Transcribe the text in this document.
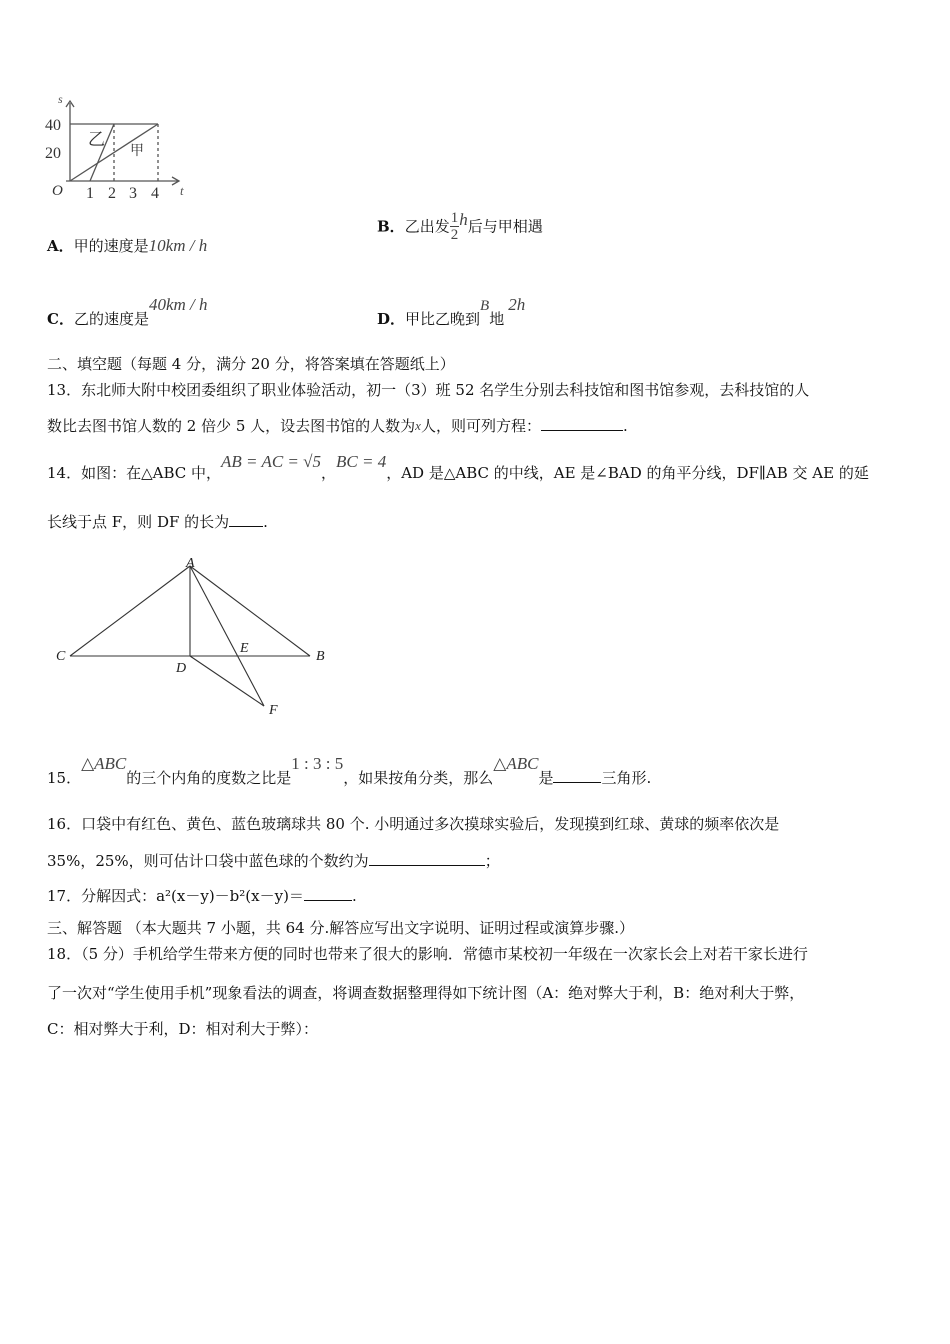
s
t
O
40
20
1 2 3 4
乙
甲
A．甲的速度是10km / h
B．乙出发 $\frac{1}{2}$ h后与甲相遇
C．乙的速度是40km / h
D．甲比乙晚到B地2h
二、填空题（每题 4 分，满分 20 分，将答案填在答题纸上）
13．东北师大附中校团委组织了职业体验活动，初一（3）班 52 名学生分别去科技馆和图书馆参观，去科技馆的人
数比去图书馆人数的 2 倍少 5 人，设去图书馆的人数为x人，则可列方程：	.
14．如图：在△ABC 中，AB = AC = √5，BC = 4，AD 是△ABC 的中线，AE 是∠BAD 的角平分线，DF∥AB 交 AE 的延
长线于点 F，则 DF 的长为 .
A
B
C
D
E
F
15．△ABC的三个内角的度数之比是1 : 3 : 5，如果按角分类，那么△ABC是	三角形.
16．口袋中有红色、黄色、蓝色玻璃球共 80 个. 小明通过多次摸球实验后，发现摸到红球、黄球的频率依次是
35%，25%，则可估计口袋中蓝色球的个数约为	；
17．分解因式：a²(x－y)－b²(x－y)＝	.
三、解答题 （本大题共 7 小题，共 64 分.解答应写出文字说明、证明过程或演算步骤.）
18．（5 分）手机给学生带来方便的同时也带来了很大的影响．常德市某校初一年级在一次家长会上对若干家长进行
了一次对“学生使用手机”现象看法的调查，将调查数据整理得如下统计图（A：绝对弊大于利，B：绝对利大于弊，
C：相对弊大于利，D：相对利大于弊）：
